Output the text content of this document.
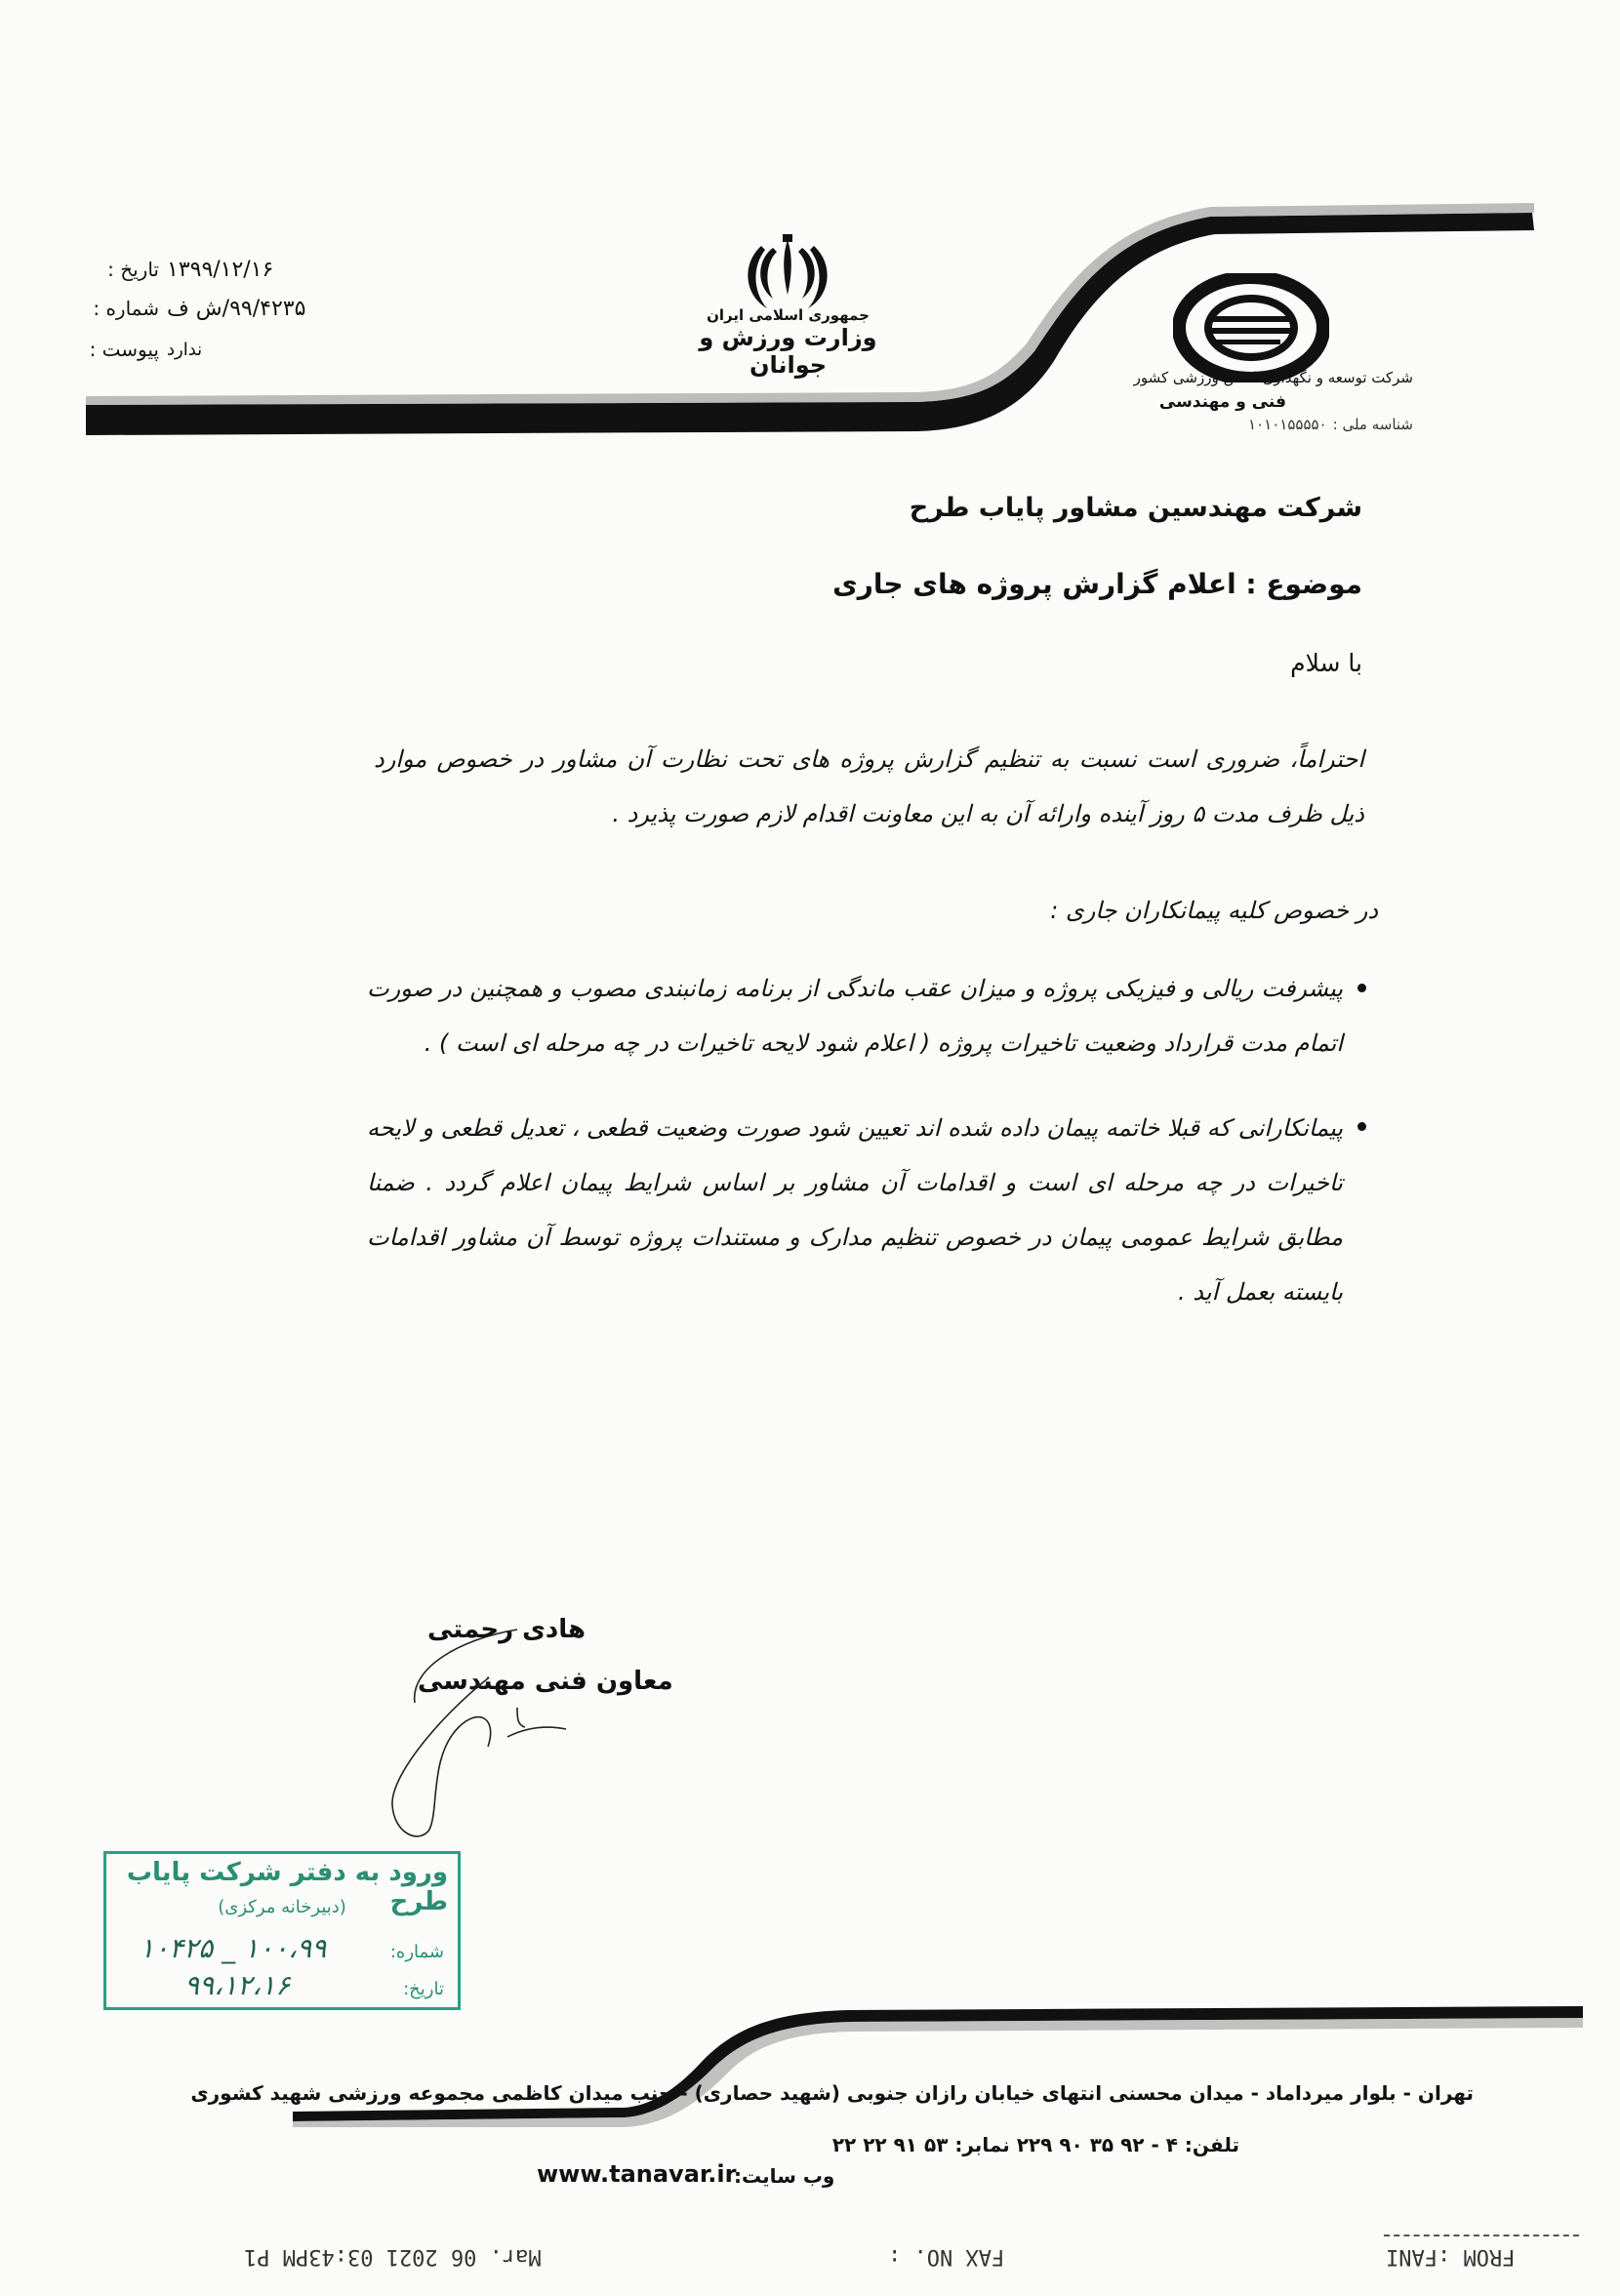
جمهوری اسلامی ایران
وزارت ورزش و جوانان	شرکت توسعه و نگهداری اماکن ورزشی کشور
فنی و مهندسی
شناسه ملی :
۱۰۱۰۱۵۵۵۵۰
تاریخ : ۱۳۹۹/۱۲/۱۶
شماره : ۹۹/۴۲۳۵/ش ف
پیوست : ندارد
شرکت مهندسین مشاور پایاب طرح
موضوع : اعلام گزارش پروژه های جاری
با سلام
احتراماً، ضروری است نسبت به تنظیم گزارش پروژه های تحت نظارت آن مشاور در خصوص موارد ذیل ظرف مدت ۵ روز آینده وارائه آن به این معاونت اقدام لازم صورت پذیرد .
در خصوص کلیه پیمانکاران جاری :
پیشرفت ریالی و فیزیکی پروژه و میزان عقب ماندگی از برنامه زمانبندی مصوب و همچنین در صورت اتمام مدت قرارداد وضعیت تاخیرات پروژه ( اعلام شود لایحه تاخیرات در چه مرحله ای است ) .
پیمانکارانی که قبلا خاتمه پیمان داده شده اند تعیین شود صورت وضعیت قطعی ، تعدیل قطعی و لایحه تاخیرات در چه مرحله ای است و اقدامات آن مشاور بر اساس شرایط پیمان اعلام گردد . ضمنا مطابق شرایط عمومی پیمان در خصوص تنظیم مدارک و مستندات پروژه توسط آن مشاور اقدامات بایسته بعمل آید .
هادی رحمتی
معاون فنی مهندسی
ورود به دفتر شرکت پایاب طرح
(دبیرخانه مرکزی)
شماره:
۱۰۰،۹۹ _ ۱۰۴۲۵
تاریخ:
۹۹،۱۲،۱۶
تهران - بلوار میرداماد - میدان محسنی انتهای خیابان رازان جنوبی (شهید حصاری) - جنب میدان کاظمی مجموعه ورزشی شهید کشوری
تلفن: ۴ - ۹۲ ۳۵ ۹۰ ۲۲۹ نمابر: ۵۳ ۹۱ ۲۲ ۲۲
وب سایت:
www.tanavar.ir
FROM :FANI
FAX NO. :
Mar. 06 2021 03:43PM P1
